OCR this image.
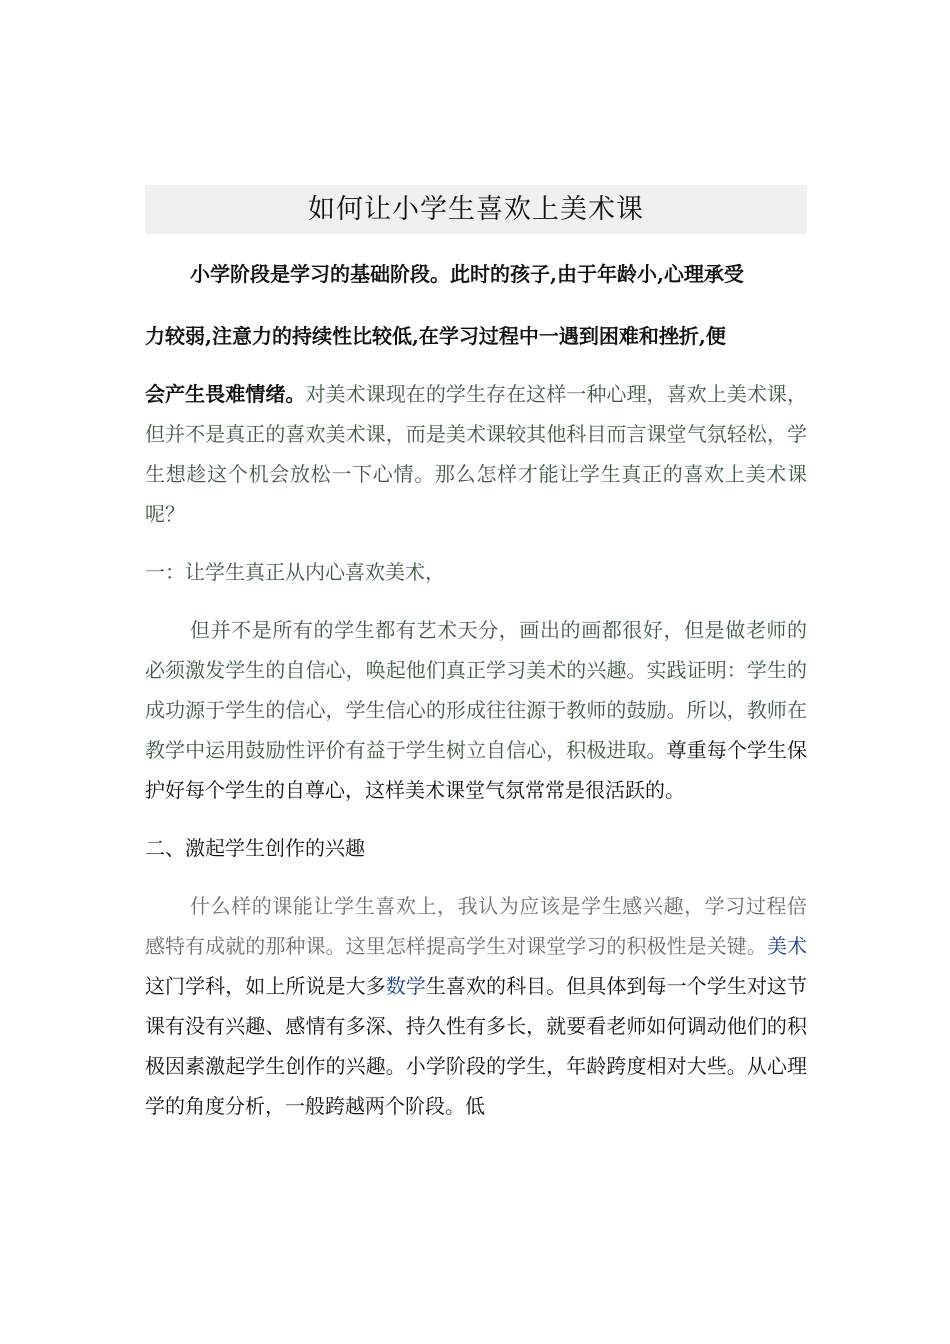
如何让小学生喜欢上美术课

小学阶段是学习的基础阶段。此时的孩子,由于年龄小,心理承受

力较弱,注意力的持续性比较低,在学习过程中一遇到困难和挫折,便

会产生畏难情绪。对美术课现在的学生存在这样一种心理，喜欢上美术课，但并不是真正的喜欢美术课，而是美术课较其他科目而言课堂气氛轻松，学生想趁这个机会放松一下心情。那么怎样才能让学生真正的喜欢上美术课呢？

一：让学生真正从内心喜欢美术，

但并不是所有的学生都有艺术天分，画出的画都很好，但是做老师的必须激发学生的自信心，唤起他们真正学习美术的兴趣。实践证明：学生的成功源于学生的信心，学生信心的形成往往源于教师的鼓励。所以，教师在教学中运用鼓励性评价有益于学生树立自信心，积极进取。尊重每个学生保护好每个学生的自尊心，这样美术课堂气氛常常是很活跃的。

二、激起学生创作的兴趣

什么样的课能让学生喜欢上，我认为应该是学生感兴趣，学习过程倍感特有成就的那种课。这里怎样提高学生对课堂学习的积极性是关键。美术这门学科，如上所说是大多数学生喜欢的科目。但具体到每一个学生对这节课有没有兴趣、感情有多深、持久性有多长，就要看老师如何调动他们的积极因素激起学生创作的兴趣。小学阶段的学生，年龄跨度相对大些。从心理学的角度分析，一般跨越两个阶段。低
